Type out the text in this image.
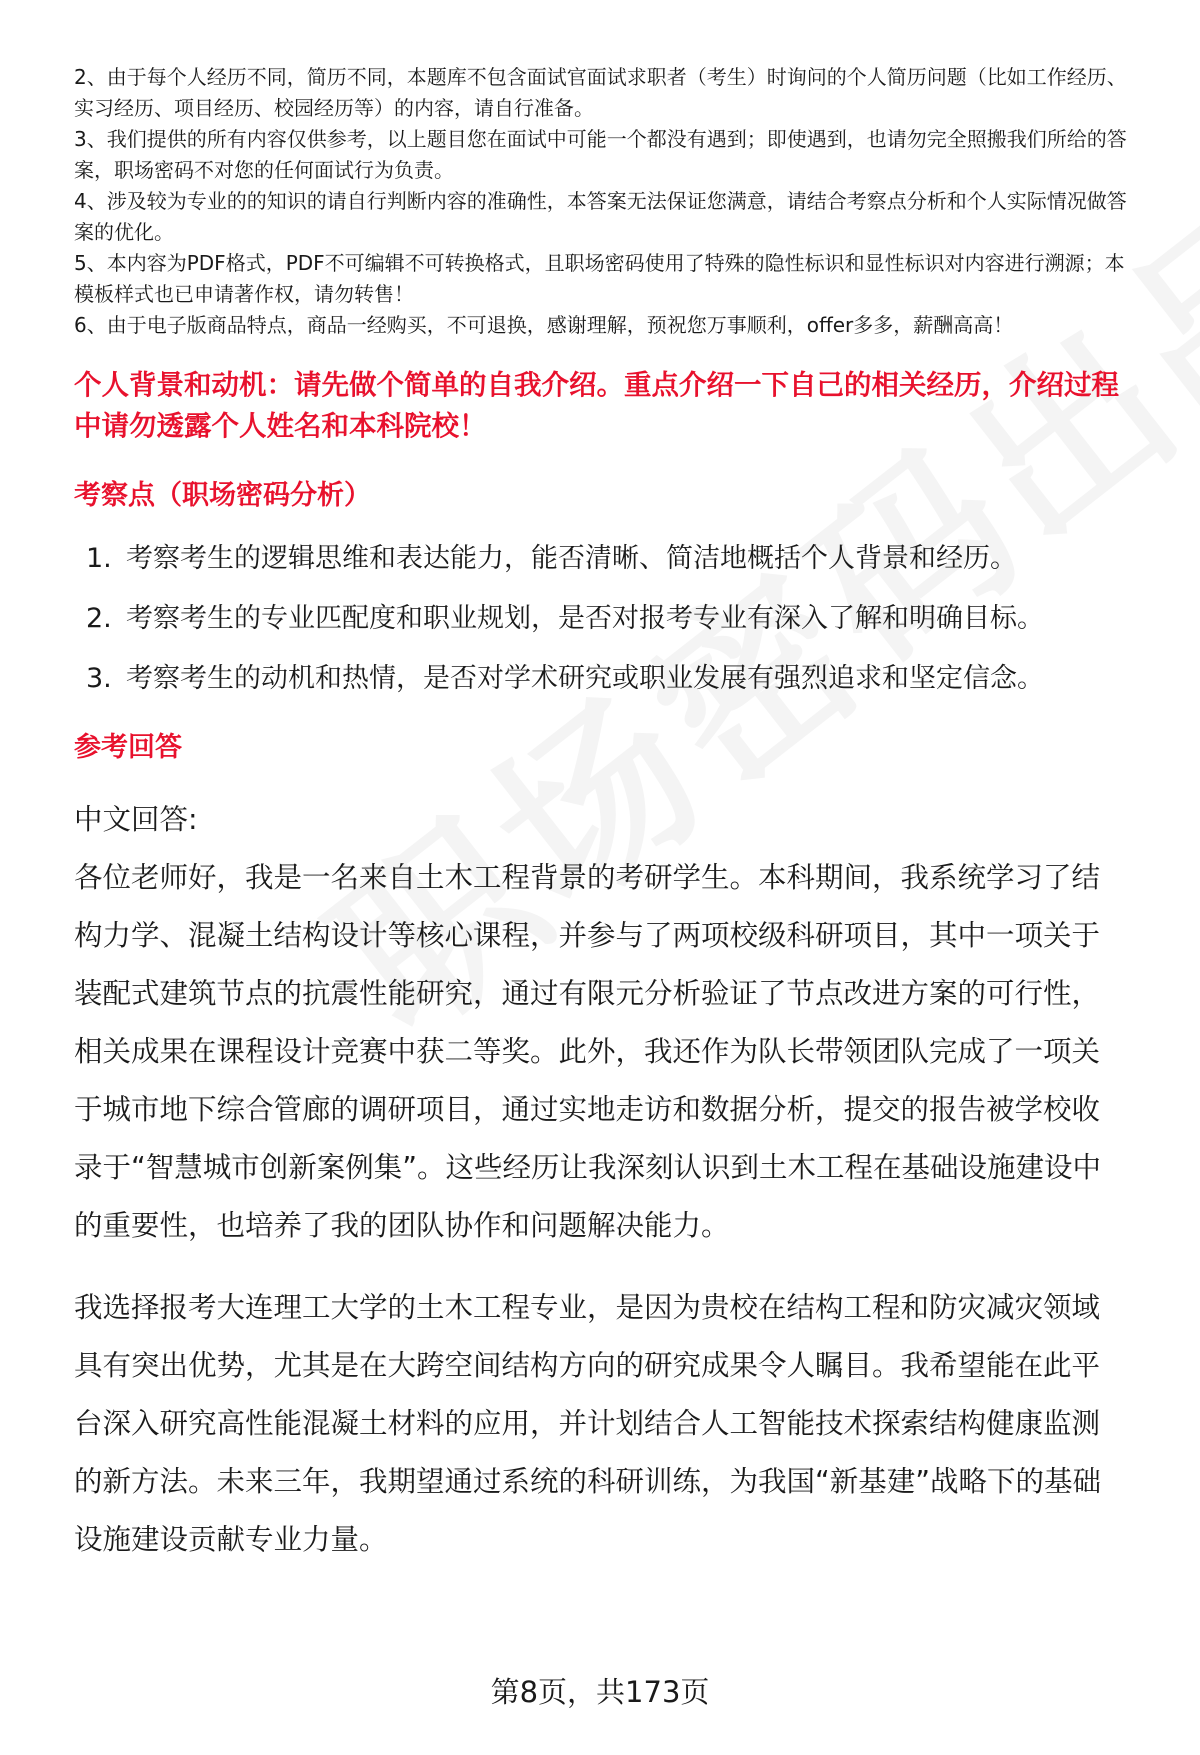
2、由于每个人经历不同，简历不同，本题库不包含面试官面试求职者（考生）时询问的个人简历问题（比如工作经历、实习经历、项目经历、校园经历等）的内容，请自行准备。

3、我们提供的所有内容仅供参考，以上题目您在面试中可能一个都没有遇到；即使遇到，也请勿完全照搬我们所给的答案，职场密码不对您的任何面试行为负责。

4、涉及较为专业的的知识的请自行判断内容的准确性，本答案无法保证您满意，请结合考察点分析和个人实际情况做答案的优化。

5、本内容为PDF格式，PDF不可编辑不可转换格式，且职场密码使用了特殊的隐性标识和显性标识对内容进行溯源；本模板样式也已申请著作权，请勿转售！

6、由于电子版商品特点，商品一经购买，不可退换，感谢理解，预祝您万事顺利，offer多多，薪酬高高！

个人背景和动机：请先做个简单的自我介绍。重点介绍一下自己的相关经历，介绍过程中请勿透露个人姓名和本科院校！
考察点（职场密码分析）
1. 考察考生的逻辑思维和表达能力，能否清晰、简洁地概括个人背景和经历。
2. 考察考生的专业匹配度和职业规划，是否对报考专业有深入了解和明确目标。
3. 考察考生的动机和热情，是否对学术研究或职业发展有强烈追求和坚定信念。
参考回答

中文回答:

各位老师好，我是一名来自土木工程背景的考研学生。本科期间，我系统学习了结构力学、混凝土结构设计等核心课程，并参与了两项校级科研项目，其中一项关于装配式建筑节点的抗震性能研究，通过有限元分析验证了节点改进方案的可行性，相关成果在课程设计竞赛中获二等奖。此外，我还作为队长带领团队完成了一项关于城市地下综合管廊的调研项目，通过实地走访和数据分析，提交的报告被学校收录于“智慧城市创新案例集”。这些经历让我深刻认识到土木工程在基础设施建设中的重要性，也培养了我的团队协作和问题解决能力。

我选择报考大连理工大学的土木工程专业，是因为贵校在结构工程和防灾减灾领域具有突出优势，尤其是在大跨空间结构方向的研究成果令人瞩目。我希望能在此平台深入研究高性能混凝土材料的应用，并计划结合人工智能技术探索结构健康监测的新方法。未来三年，我期望通过系统的科研训练，为我国“新基建”战略下的基础设施建设贡献专业力量。

第8页，共173页
